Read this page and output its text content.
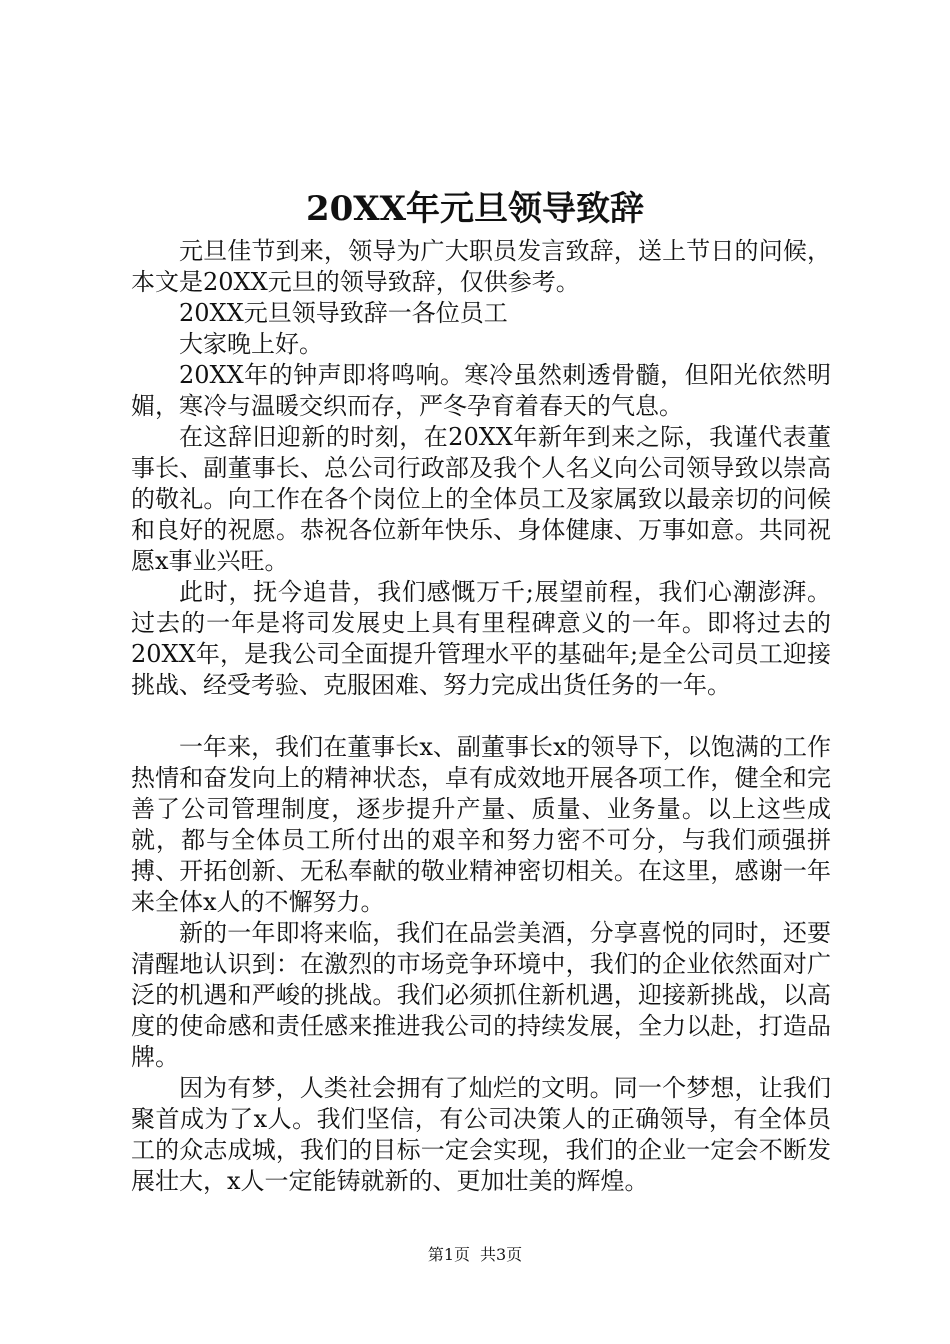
20XX年元旦领导致辞

元旦佳节到来，领导为广大职员发言致辞，送上节日的问候，本文是20XX元旦的领导致辞，仅供参考。

20XX元旦领导致辞一各位员工

大家晚上好。

20XX年的钟声即将鸣响。寒冷虽然刺透骨髓，但阳光依然明媚，寒冷与温暖交织而存，严冬孕育着春天的气息。

在这辞旧迎新的时刻，在20XX年新年到来之际，我谨代表董事长、副董事长、总公司行政部及我个人名义向公司领导致以崇高的敬礼。向工作在各个岗位上的全体员工及家属致以最亲切的问候和良好的祝愿。恭祝各位新年快乐、身体健康、万事如意。共同祝愿x事业兴旺。

此时，抚今追昔，我们感慨万千;展望前程，我们心潮澎湃。过去的一年是将司发展史上具有里程碑意义的一年。即将过去的20XX年，是我公司全面提升管理水平的基础年;是全公司员工迎接挑战、经受考验、克服困难、努力完成出货任务的一年。

一年来，我们在董事长x、副董事长x的领导下，以饱满的工作热情和奋发向上的精神状态，卓有成效地开展各项工作，健全和完善了公司管理制度，逐步提升产量、质量、业务量。以上这些成就，都与全体员工所付出的艰辛和努力密不可分，与我们顽强拼搏、开拓创新、无私奉献的敬业精神密切相关。在这里，感谢一年来全体x人的不懈努力。

新的一年即将来临，我们在品尝美酒，分享喜悦的同时，还要清醒地认识到：在激烈的市场竞争环境中，我们的企业依然面对广泛的机遇和严峻的挑战。我们必须抓住新机遇，迎接新挑战，以高度的使命感和责任感来推进我公司的持续发展，全力以赴，打造品牌。

因为有梦，人类社会拥有了灿烂的文明。同一个梦想，让我们聚首成为了x人。我们坚信，有公司决策人的正确领导，有全体员工的众志成城，我们的目标一定会实现，我们的企业一定会不断发展壮大，x人一定能铸就新的、更加壮美的辉煌。

第1页 共3页
